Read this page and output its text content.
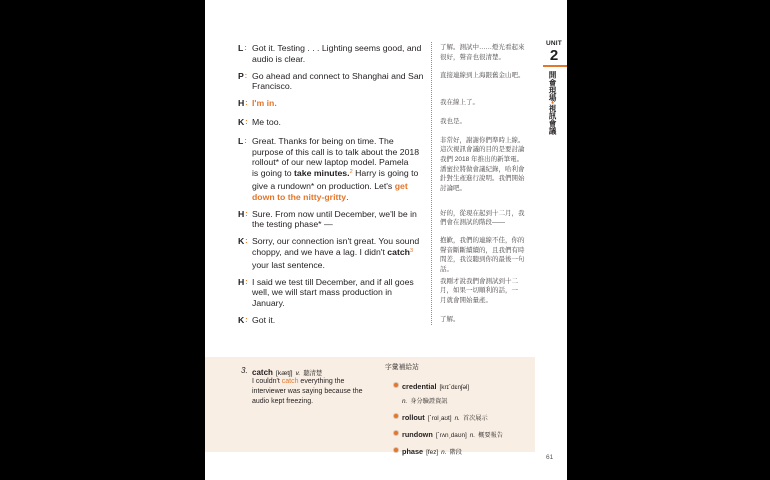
L: Got it. Testing . . . Lighting seems good, and
audio is clear.
了解。測試中……燈光看起來
很好，聲音也很清楚。
P: Go ahead and connect to Shanghai and San
Francisco.
直接連線到上海跟舊金山吧。
H: I'm in.	我在線上了。
K: Me too.	我也是。
L: Great. Thanks for being on time. The
purpose of this call is to talk about the 2018
rollout* of our new laptop model. Pamela
is going to take minutes.$^2$ Harry is going to
give a rundown* on production. Let's get
down to the nitty-gritty.
非常好，謝謝你們準時上線。
這次視訊會議的目的是要討論
我們 2018 年推出的新筆電。
潘蜜拉將做會議紀錄，哈利會
針對生產進行說明。我們開始
討論吧。
H: Sure. From now until December, we'll be in
the testing phase* —
好的，從現在起到十二月，我
們會在測試的階段——
K: Sorry, our connection isn't great. You sound
choppy, and we have a lag. I didn't catch$^3$
your last sentence.
抱歉，我們的連線不佳，你的
聲音斷斷續續的，且我們有時
間差，我沒聽到你的最後一句
話。
H: I said we test till December, and if all goes
well, we will start mass production in
January.
我剛才說我們會測試到十二
月，如果一切順利的話，一
月就會開始量產。
K: Got it.	了解。
UNIT
2
開會現場•視訊會議
3. catch [kætʃ] v. 聽清楚
I couldn't catch everything the
interviewer was saying because the
audio kept freezing.
字彙補給站
credential [krɪˋdɛnʃəl]
n. 身分驗證資訊
rollout [ˋrolˏaʊt] n. 首次展示
rundown [ˋrʌnˏdaʊn] n. 概要報告
phase [fez] n. 階段
61
